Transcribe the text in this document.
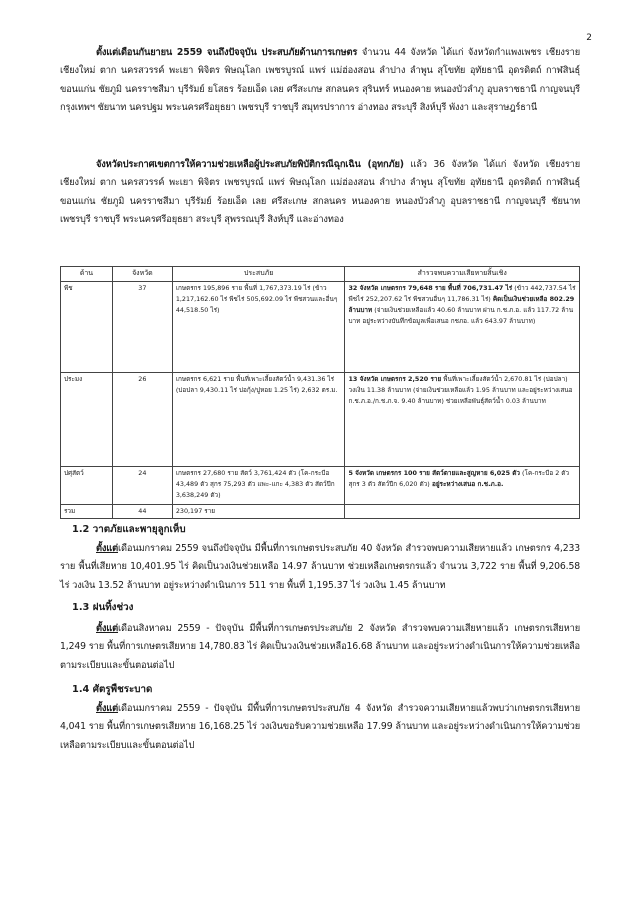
2

ตั้งแต่เดือนกันยายน 2559 จนถึงปัจจุบัน ประสบภัยด้านการเกษตร จำนวน 44 จังหวัด ได้แก่ จังหวัดกำแพงเพชร เชียงราย เชียงใหม่ ตาก นครสวรรค์ พะเยา พิจิตร พิษณุโลก เพชรบูรณ์ แพร่ แม่ฮ่องสอน ลำปาง ลำพูน สุโขทัย อุทัยธานี อุดรดิตถ์ กาฬสินธุ์ ขอนแก่น ชัยภูมิ นครราชสีมา บุรีรัมย์ ยโสธร ร้อยเอ็ด เลย ศรีสะเกษ สกลนคร สุรินทร์ หนองคาย หนองบัวลำภู อุบลราชธานี กาญจนบุรี กรุงเทพฯ ชัยนาท นครปฐม พระนครศรีอยุธยา เพชรบุรี ราชบุรี สมุทรปราการ อ่างทอง สระบุรี สิงห์บุรี พังงา และสุราษฎร์ธานี

จังหวัดประกาศเขตการให้ความช่วยเหลือผู้ประสบภัยพิบัติกรณีฉุกเฉิน (อุทกภัย) แล้ว 36 จังหวัด ได้แก่ จังหวัด เชียงราย เชียงใหม่ ตาก นครสวรรค์ พะเยา พิจิตร เพชรบูรณ์ แพร่ พิษณุโลก แม่ฮ่องสอน ลำปาง ลำพูน สุโขทัย อุทัยธานี อุดรดิตถ์ กาฬสินธุ์ ขอนแก่น ชัยภูมิ นครราชสีมา บุรีรัมย์ ร้อยเอ็ด เลย ศรีสะเกษ สกลนคร หนองคาย หนองบัวลำภู อุบลราชธานี กาญจนบุรี ชัยนาท เพชรบุรี ราชบุรี พระนครศรีอยุธยา สระบุรี สุพรรณบุรี สิงห์บุรี และอ่างทอง

ด้าน	จังหวัด	ประสบภัย	สำรวจพบความเสียหายสิ้นเชิง
พืช	37	เกษตรกร 195,896 ราย พื้นที่ 1,767,373.19 ไร่ (ข้าว 1,217,162.60 ไร่ พืชไร่ 505,692.09 ไร่ พืชสวนและอื่นๆ 44,518.50 ไร่)	32 จังหวัด เกษตรกร 79,648 ราย พื้นที่ 706,731.47 ไร่ (ข้าว 442,737.54 ไร่ พืชไร่ 252,207.62 ไร่ พืชสวนอื่นๆ 11,786.31 ไร่) คิดเป็นเงินช่วยเหลือ 802.29 ล้านบาท (จ่ายเงินช่วยเหลือแล้ว 40.60 ล้านบาท ผ่าน ก.ช.ภ.อ. แล้ว 117.72 ล้านบาท อยู่ระหว่างบันทึกข้อมูลเพื่อเสนอ กชภอ. แล้ว 643.97 ล้านบาท)
ประมง	26	เกษตรกร 6,621 ราย พื้นที่เพาะเลี้ยงสัตว์น้ำ 9,431.36 ไร่ (บ่อปลา 9,430.11 ไร่ บ่อกุ้ง/ปูหอย 1.25 ไร่) 2,632 ตร.ม.	13 จังหวัด เกษตรกร 2,520 ราย พื้นที่เพาะเลี้ยงสัตว์น้ำ 2,670.81 ไร่ (บ่อปลา) วงเงิน 11.38 ล้านบาท (จ่ายเงินช่วยเหลือแล้ว 1.95 ล้านบาท และอยู่ระหว่างเสนอ ก.ช.ภ.อ./ก.ช.ภ.จ. 9.40 ล้านบาท) ช่วยเหลือพันธุ์สัตว์น้ำ 0.03 ล้านบาท
ปศุสัตว์	24	เกษตรกร 27,680 ราย สัตว์ 3,761,424 ตัว (โค-กระบือ 43,489 ตัว สุกร 75,293 ตัว แพะ-แกะ 4,383 ตัว สัตว์ปีก 3,638,249 ตัว)	5 จังหวัด เกษตรกร 100 ราย สัตว์ตายและสูญหาย 6,025 ตัว (โค-กระบือ 2 ตัว สุกร 3 ตัว สัตว์ปีก 6,020 ตัว) อยู่ระหว่างเสนอ ก.ช.ภ.อ.
รวม	44	230,197 ราย	
1.2 วาตภัยและพายุลูกเห็บ

ตั้งแต่เดือนมกราคม 2559 จนถึงปัจจุบัน มีพื้นที่การเกษตรประสบภัย 40 จังหวัด สำรวจพบความเสียหายแล้ว เกษตรกร 4,233 ราย พื้นที่เสียหาย 10,401.95 ไร่ คิดเป็นวงเงินช่วยเหลือ 14.97 ล้านบาท ช่วยเหลือเกษตรกรแล้ว จำนวน 3,722 ราย พื้นที่ 9,206.58 ไร่ วงเงิน 13.52 ล้านบาท อยู่ระหว่างดำเนินการ 511 ราย พื้นที่ 1,195.37 ไร่ วงเงิน 1.45 ล้านบาท

1.3 ฝนทิ้งช่วง

ตั้งแต่เดือนสิงหาคม 2559 - ปัจจุบัน มีพื้นที่การเกษตรประสบภัย 2 จังหวัด สำรวจพบความเสียหายแล้ว เกษตรกรเสียหาย 1,249 ราย พื้นที่การเกษตรเสียหาย 14,780.83 ไร่ คิดเป็นวงเงินช่วยเหลือ16.68 ล้านบาท และอยู่ระหว่างดำเนินการให้ความช่วยเหลือตามระเบียบและขั้นตอนต่อไป

1.4 ศัตรูพืชระบาด

ตั้งแต่เดือนมกราคม 2559 - ปัจจุบัน มีพื้นที่การเกษตรประสบภัย 4 จังหวัด สำรวจความเสียหายแล้วพบว่าเกษตรกรเสียหาย 4,041 ราย พื้นที่การเกษตรเสียหาย 16,168.25 ไร่ วงเงินขอรับความช่วยเหลือ 17.99 ล้านบาท และอยู่ระหว่างดำเนินการให้ความช่วยเหลือตามระเบียบและขั้นตอนต่อไป
